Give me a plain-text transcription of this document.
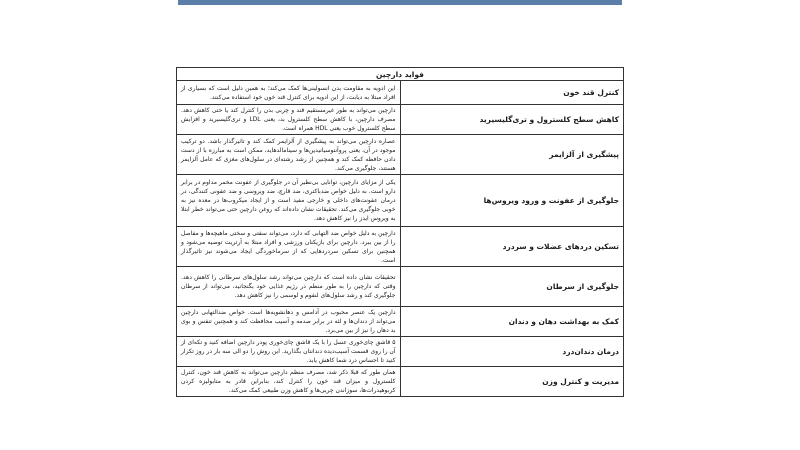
فواید دارچین	
کنترل قند خون	این ادویه به مقاومت بدن انسولینی‌ها کمک می‌کند؛ به همین دلیل است که بسیاری از افراد مبتلا به دیابت، از این ادویه برای کنترل قند خون خود استفاده می‌کنند.
کاهش سطح کلسترول و تری‌گلیسیرید	دارچین می‌تواند به طور غیرمستقیم قند و چربی بدن را کنترل کند یا حتی کاهش دهد. مصرف دارچین، با کاهش سطح کلسترول بد، یعنی LDL و تری‌گلیسیرید و افزایش سطح کلسترول خوب یعنی HDL همراه است.
پیشگیری از آلزایمر	عصاره دارچین می‌تواند به پیشگیری از آلزایمر کمک کند و تاثیرگذار باشد. دو ترکیب موجود در آن، یعنی پروآنتوسیانیدین‌ها و سینامالدهاید، ممکن است به مبارزه با از دست دادن حافظه کمک کند و همچنین از رشد رشته‌ای در سلول‌های مغزی که عامل آلزایمر هستند، جلوگیری می‌کند.
جلوگیری از عفونت و ورود ویروس‌ها	یکی از مزایای دارچین، توانایی بی‌نظیر آن در جلوگیری از عفونت مخمر مداوم در برابر دارو است. به دلیل خواص ضدباکتری، ضد قارچ، ضد ویروسی و ضد عفونی کنندگی، در درمان عفونت‌های داخلی و خارجی مفید است و از ایجاد میکروب‌ها در معده نیز به خوبی جلوگیری می‌کند. تحقیقات نشان داده‌اند که روغن دارچین حتی می‌تواند خطر ابتلا به ویروس ایدز را نیز کاهش دهد.
تسکین دردهای عضلات و سردرد	دارچین به دلیل خواص ضد التهابی که دارد، می‌تواند سفتی و سختی ماهیچه‌ها و مفاصل را از بین ببرد. دارچین برای بازیکنان ورزشی و افراد مبتلا به آرتریت توصیه می‌شود و همچنین برای تسکین سردردهایی که از سرماخوردگی ایجاد می‌شوند نیز تاثیرگذار است.
جلوگیری از سرطان	تحقیقات نشان داده است که دارچین می‌تواند رشد سلول‌های سرطانی را کاهش دهد. وقتی که دارچین را به طور منظم در رژیم غذایی خود بگنجانید، می‌تواند از سرطان جلوگیری کند و رشد سلول‌های لنفوم و لوسمی را نیز کاهش دهد.
کمک به بهداشت دهان و دندان	دارچین یک عنصر محبوب در آدامس و دهانشویه‌ها است. خواص ضدالتهابی دارچین می‌تواند از دندان‌ها و لثه در برابر صدمه و آسیب محافظت کند و همچنین تنفس و بوی بد دهان را نیز از بین می‌برد.
درمان دندان‌درد	۵ قاشق چای‌خوری عسل را با یک قاشق چای‌خوری پودر دارچین اضافه کنید و تکه‌ای از آن را روی قسمت آسیب‌دیده دندانتان بگذارید. این روش را دو الی سه بار در روز تکرار کنید تا احساس درد شما کاهش یابد.
مدیریت و کنترل وزن	همان طور که قبلا ذکر شد، مصرف منظم دارچین می‌تواند به کاهش قند خون، کنترل کلسترول و میزان قند خون را کنترل کند، بنابراین قادر به متابولیزه کردن کربوهیدرات‌ها، سوزاندن چربی‌ها و کاهش وزن طبیعی کمک می‌کند.
